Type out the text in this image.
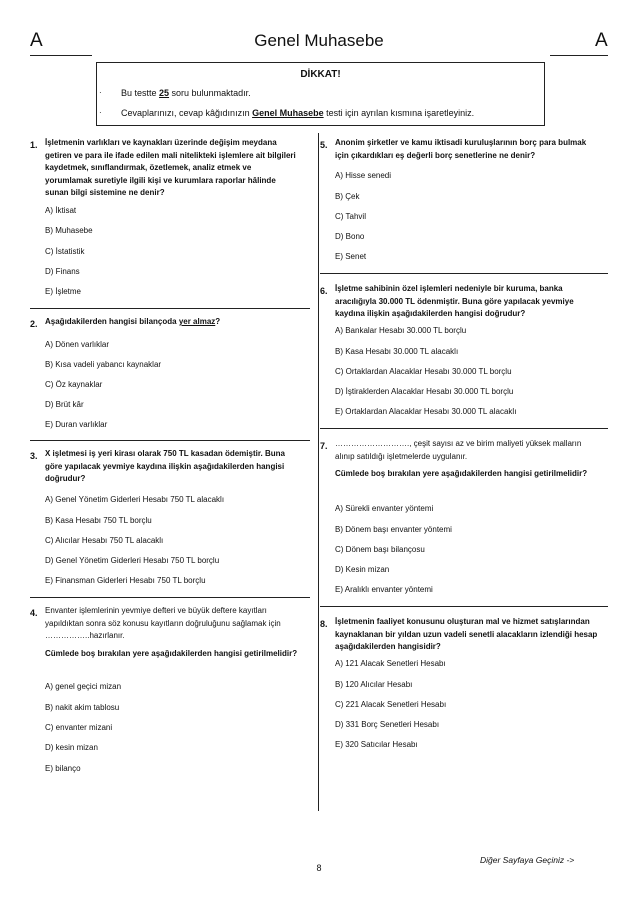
A	Genel Muhasebe	A
DİKKAT!
·	Bu testte 25 soru bulunmaktadır.
·	Cevaplarınızı, cevap kâğıdınızın Genel Muhasebe testi için ayrılan kısmına işaretleyiniz.
1. İşletmenin varlıkları ve kaynakları üzerinde değişim meydana getiren ve para ile ifade edilen mali nitelikteki işlemlere ait bilgileri kaydetmek, sınıflandırmak, özetlemek, analiz etmek ve yorumlamak suretiyle ilgili kişi ve kurumlara raporlar hâlinde sunan bilgi sistemine ne denir?
A) İktisat
B) Muhasebe
C) İstatistik
D) Finans
E) İşletme
2. Aşağıdakilerden hangisi bilançoda yer almaz?
A) Dönen varlıklar
B) Kısa vadeli yabancı kaynaklar
C) Öz kaynaklar
D) Brüt kâr
E) Duran varlıklar
3. X işletmesi iş yeri kirası olarak 750 TL kasadan ödemiştir. Buna göre yapılacak yevmiye kaydına ilişkin aşağıdakilerden hangisi doğrudur?
A) Genel Yönetim Giderleri Hesabı 750 TL alacaklı
B) Kasa Hesabı 750 TL borçlu
C) Alıcılar Hesabı 750 TL alacaklı
D) Genel Yönetim Giderleri Hesabı 750 TL borçlu
E) Finansman Giderleri Hesabı 750 TL borçlu
4. Envanter işlemlerinin yevmiye defteri ve büyük deftere kayıtları yapıldıktan sonra söz konusu kayıtların doğruluğunu sağlamak için ……………..hazırlanır.
Cümlede boş bırakılan yere aşağıdakilerden hangisi getirilmelidir?
A) genel geçici mizan
B) nakit akim tablosu
C) envanter mizani
D) kesin mizan
E) bilanço
5. Anonim şirketler ve kamu iktisadi kuruluşlarının borç para bulmak için çıkardıkları eş değerli borç senetlerine ne denir?
A) Hisse senedi
B) Çek
C) Tahvil
D) Bono
E) Senet
6. İşletme sahibinin özel işlemleri nedeniyle bir kuruma, banka aracılığıyla 30.000 TL ödenmiştir. Buna göre yapılacak yevmiye kaydına ilişkin aşağıdakilerden hangisi doğrudur?
A) Bankalar Hesabı 30.000 TL borçlu
B) Kasa Hesabı 30.000 TL alacaklı
C) Ortaklardan Alacaklar Hesabı 30.000 TL borçlu
D) İştiraklerden Alacaklar Hesabı 30.000 TL borçlu
E) Ortaklardan Alacaklar Hesabı 30.000 TL alacaklı
7. ………………………., çeşit sayısı az ve birim maliyeti yüksek malların alınıp satıldığı işletmelerde uygulanır.
Cümlede boş bırakılan yere aşağıdakilerden hangisi getirilmelidir?
A) Sürekli envanter yöntemi
B) Dönem başı envanter yöntemi
C) Dönem başı bilançosu
D) Kesin mizan
E) Aralıklı envanter yöntemi
8. İşletmenin faaliyet konusunu oluşturan mal ve hizmet satışlarından kaynaklanan bir yıldan uzun vadeli senetli alacakların izlendiği hesap aşağıdakilerden hangisidir?
A) 121 Alacak Senetleri Hesabı
B) 120 Alıcılar Hesabı
C) 221 Alacak Senetleri Hesabı
D) 331 Borç Senetleri Hesabı
E) 320 Satıcılar Hesabı
Diğer Sayfaya Geçiniz ->
8
